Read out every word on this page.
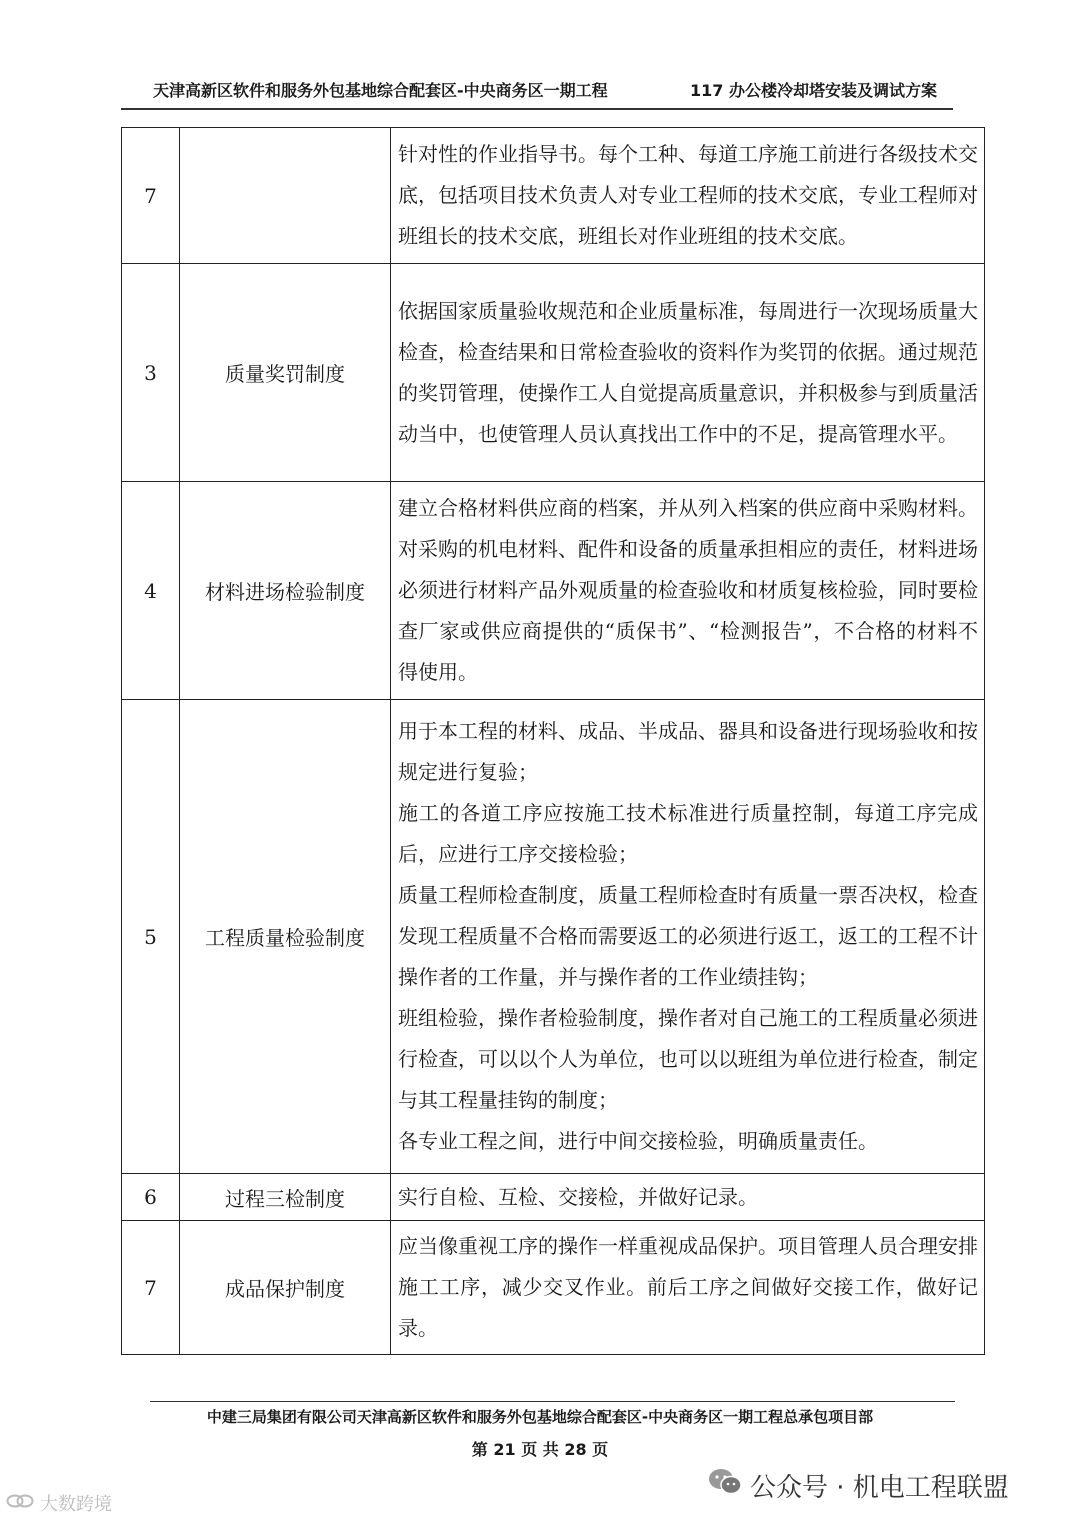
天津高新区软件和服务外包基地综合配套区-中央商务区一期工程	117 办公楼冷却塔安装及调试方案
7		针对性的作业指导书。每个工种、每道工序施工前进行各级技术交底，包括项目技术负责人对专业工程师的技术交底，专业工程师对班组长的技术交底，班组长对作业班组的技术交底。

3	质量奖罚制度	依据国家质量验收规范和企业质量标准，每周进行一次现场质量大检查，检查结果和日常检查验收的资料作为奖罚的依据。通过规范的奖罚管理，使操作工人自觉提高质量意识，并积极参与到质量活动当中，也使管理人员认真找出工作中的不足，提高管理水平。

4	材料进场检验制度	建立合格材料供应商的档案，并从列入档案的供应商中采购材料。对采购的机电材料、配件和设备的质量承担相应的责任，材料进场必须进行材料产品外观质量的检查验收和材质复核检验，同时要检查厂家或供应商提供的“质保书”、“检测报告”，不合格的材料不得使用。

5	工程质量检验制度	用于本工程的材料、成品、半成品、器具和设备进行现场验收和按规定进行复验；
施工的各道工序应按施工技术标准进行质量控制，每道工序完成后，应进行工序交接检验；
质量工程师检查制度，质量工程师检查时有质量一票否决权，检查发现工程质量不合格而需要返工的必须进行返工，返工的工程不计操作者的工作量，并与操作者的工作业绩挂钩；
班组检验，操作者检验制度，操作者对自己施工的工程质量必须进行检查，可以以个人为单位，也可以以班组为单位进行检查，制定与其工程量挂钩的制度；
各专业工程之间，进行中间交接检验，明确质量责任。

6	过程三检制度	实行自检、互检、交接检，并做好记录。

7	成品保护制度	应当像重视工序的操作一样重视成品保护。项目管理人员合理安排施工工序，减少交叉作业。前后工序之间做好交接工作，做好记录。
中建三局集团有限公司天津高新区软件和服务外包基地综合配套区-中央商务区一期工程总承包项目部
第 21 页 共 28 页
公众号 · 机电工程联盟
大数跨境
